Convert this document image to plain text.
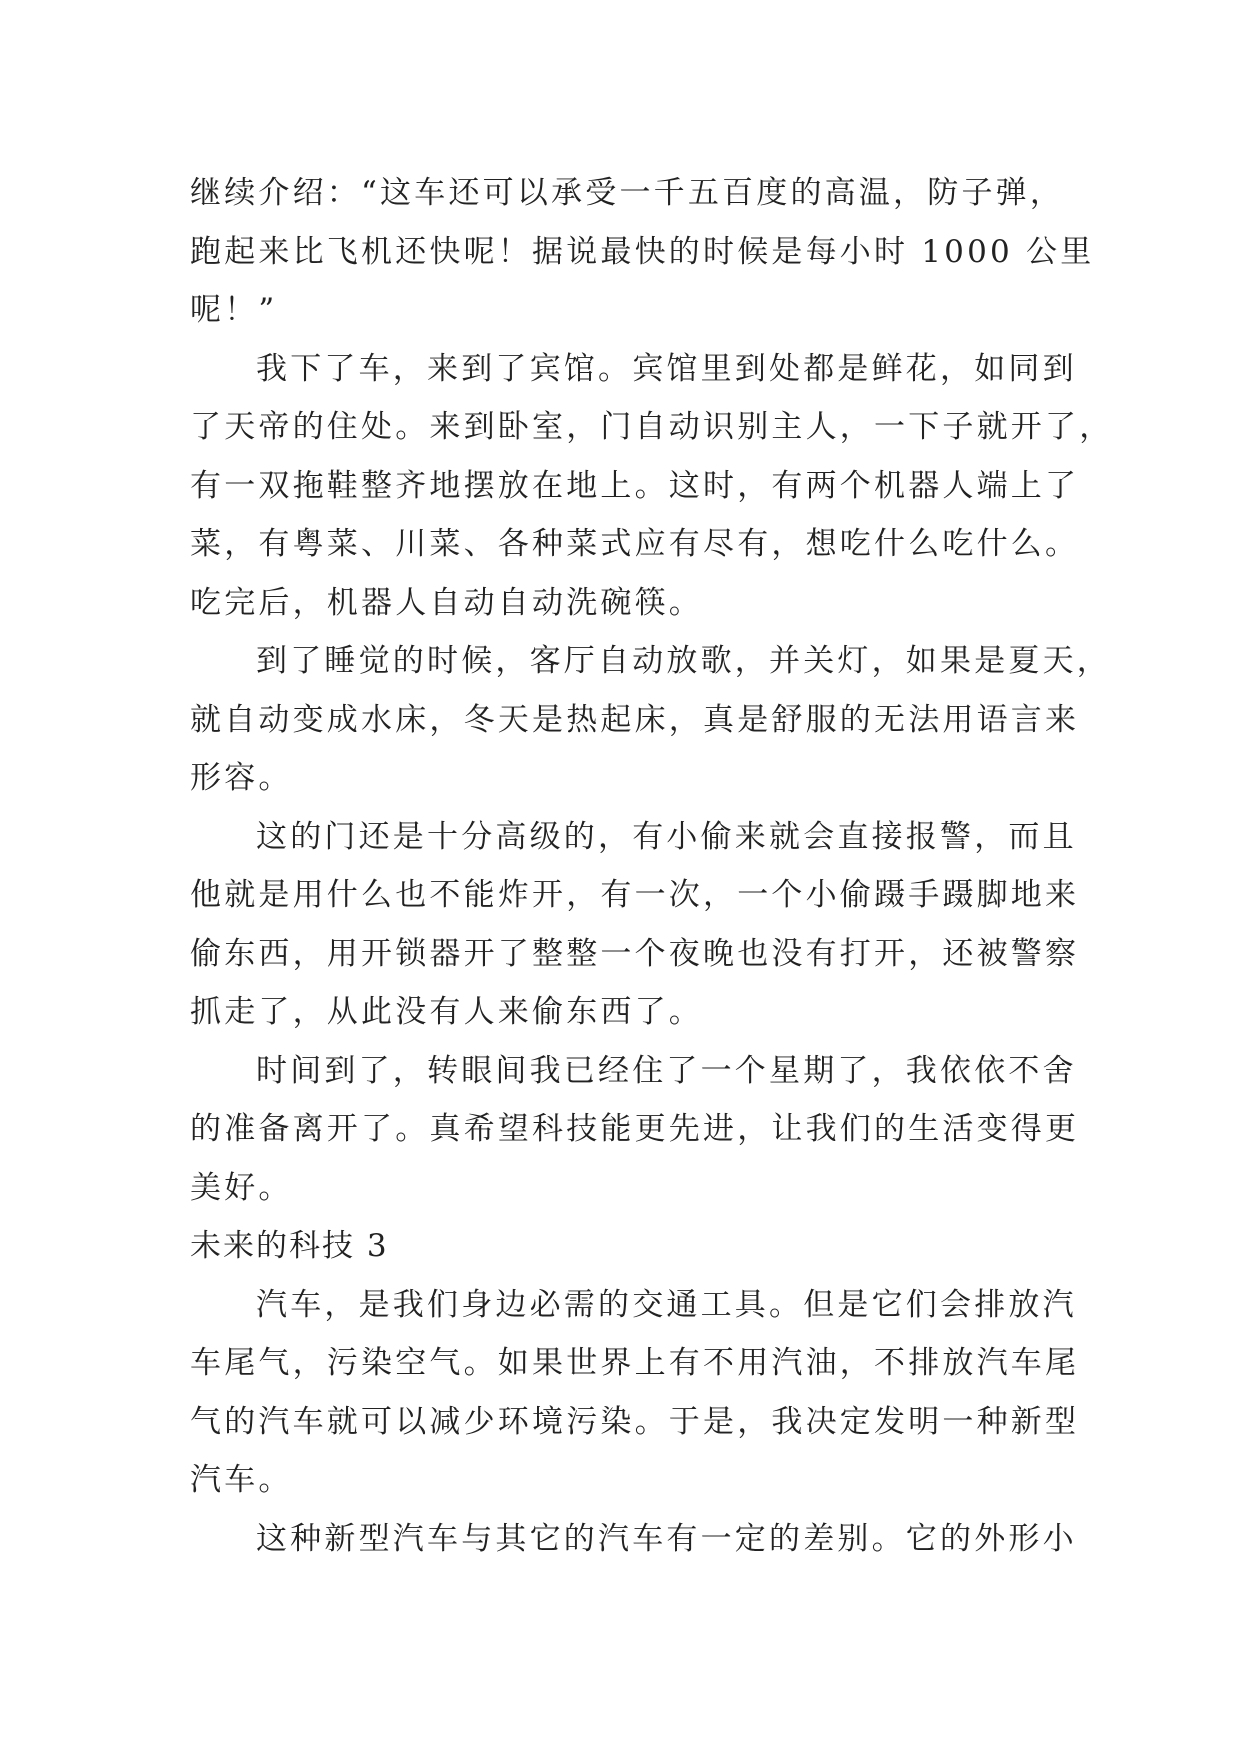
继续介绍：“这车还可以承受一千五百度的高温，防子弹，
跑起来比飞机还快呢！据说最快的时候是每小时 1000 公里
呢！”
我下了车，来到了宾馆。宾馆里到处都是鲜花，如同到
了天帝的住处。来到卧室，门自动识别主人，一下子就开了，
有一双拖鞋整齐地摆放在地上。这时，有两个机器人端上了
菜，有粤菜、川菜、各种菜式应有尽有，想吃什么吃什么。
吃完后，机器人自动自动洗碗筷。
到了睡觉的时候，客厅自动放歌，并关灯，如果是夏天，
就自动变成水床，冬天是热起床，真是舒服的无法用语言来
形容。
这的门还是十分高级的，有小偷来就会直接报警，而且
他就是用什么也不能炸开，有一次，一个小偷蹑手蹑脚地来
偷东西，用开锁器开了整整一个夜晚也没有打开，还被警察
抓走了，从此没有人来偷东西了。
时间到了，转眼间我已经住了一个星期了，我依依不舍
的准备离开了。真希望科技能更先进，让我们的生活变得更
美好。
未来的科技 3
汽车，是我们身边必需的交通工具。但是它们会排放汽
车尾气，污染空气。如果世界上有不用汽油，不排放汽车尾
气的汽车就可以减少环境污染。于是，我决定发明一种新型
汽车。
这种新型汽车与其它的汽车有一定的差别。它的外形小
